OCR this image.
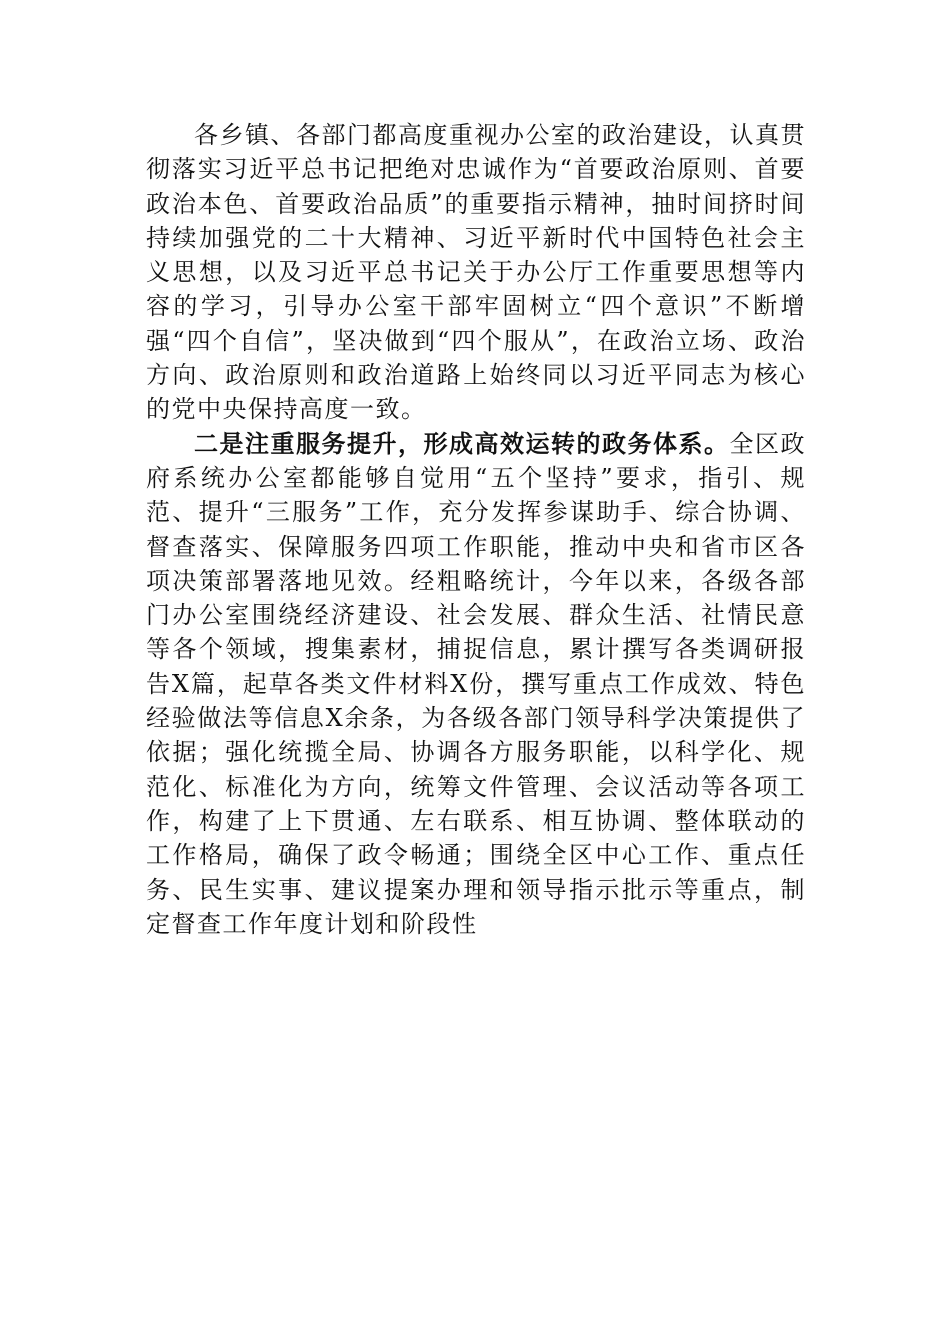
各乡镇、各部门都高度重视办公室的政治建设，认真贯彻落实习近平总书记把绝对忠诚作为“首要政治原则、首要政治本色、首要政治品质”的重要指示精神，抽时间挤时间持续加强党的二十大精神、习近平新时代中国特色社会主义思想，以及习近平总书记关于办公厅工作重要思想等内容的学习，引导办公室干部牢固树立“四个意识”不断增强“四个自信”，坚决做到“四个服从”，在政治立场、政治方向、政治原则和政治道路上始终同以习近平同志为核心的党中央保持高度一致。

二是注重服务提升，形成高效运转的政务体系。全区政府系统办公室都能够自觉用“五个坚持”要求，指引、规范、提升“三服务”工作，充分发挥参谋助手、综合协调、督查落实、保障服务四项工作职能，推动中央和省市区各项决策部署落地见效。经粗略统计，今年以来，各级各部门办公室围绕经济建设、社会发展、群众生活、社情民意等各个领域，搜集素材，捕捉信息，累计撰写各类调研报告X篇，起草各类文件材料X份，撰写重点工作成效、特色经验做法等信息X余条，为各级各部门领导科学决策提供了依据；强化统揽全局、协调各方服务职能，以科学化、规范化、标准化为方向，统筹文件管理、会议活动等各项工作，构建了上下贯通、左右联系、相互协调、整体联动的工作格局，确保了政令畅通；围绕全区中心工作、重点任务、民生实事、建议提案办理和领导指示批示等重点，制定督查工作年度计划和阶段性
